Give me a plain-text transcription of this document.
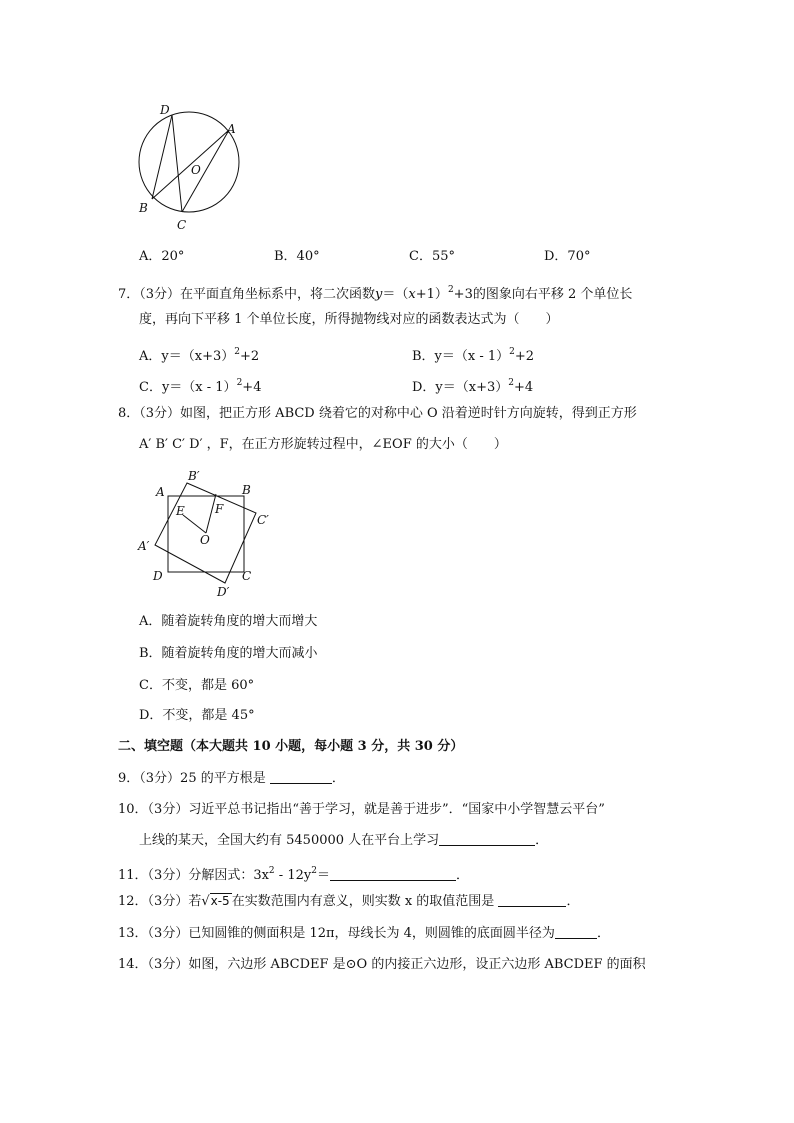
D
A
O
B
C
A．20°	B．40°	C．55°	D．70°
7．（3分）在平面直角坐标系中，将二次函数$y=(x+1)^2+3$的图象向右平移 2 个单位长
度，再向下平移 1 个单位长度，所得抛物线对应的函数表达式为（　　）
A．$y=(x+3)^2+2$	B．y＝（x - 1）$^2$+2
C．y＝（x - 1）$^2$+4	D．$y=(x+3)^2+4$
8．（3分）如图，把正方形 ABCD 绕着它的对称中心 O 沿着逆时针方向旋转，得到正方形
A′ B′ C′ D′ ，F，在正方形旋转过程中，∠EOF 的大小（　　）
A
B′
B
E	F
C′
O
A′
D	C
D′
A．随着旋转角度的增大而增大
B．随着旋转角度的增大而减小
C．不变，都是 60°
D．不变，都是 45°
二、填空题（本大题共 10 小题，每小题 3 分，共 30 分）
9．（3分）25 的平方根是	．
10．（3分）习近平总书记指出“善于学习，就是善于进步”．“国家中小学智慧云平台”
上线的某天，全国大约有 5450000 人在平台上学习	．
11．（3分）分解因式：$3x^2 - 12y^2=$	．
12．（3分）若√x-5 在实数范围内有意义，则实数 x 的取值范围是	．
13．（3分）已知圆锥的侧面积是 12π，母线长为 4，则圆锥的底面圆半径为	．
14．（3分）如图，六边形 ABCDEF 是⊙O 的内接正六边形，设正六边形 ABCDEF 的面积
